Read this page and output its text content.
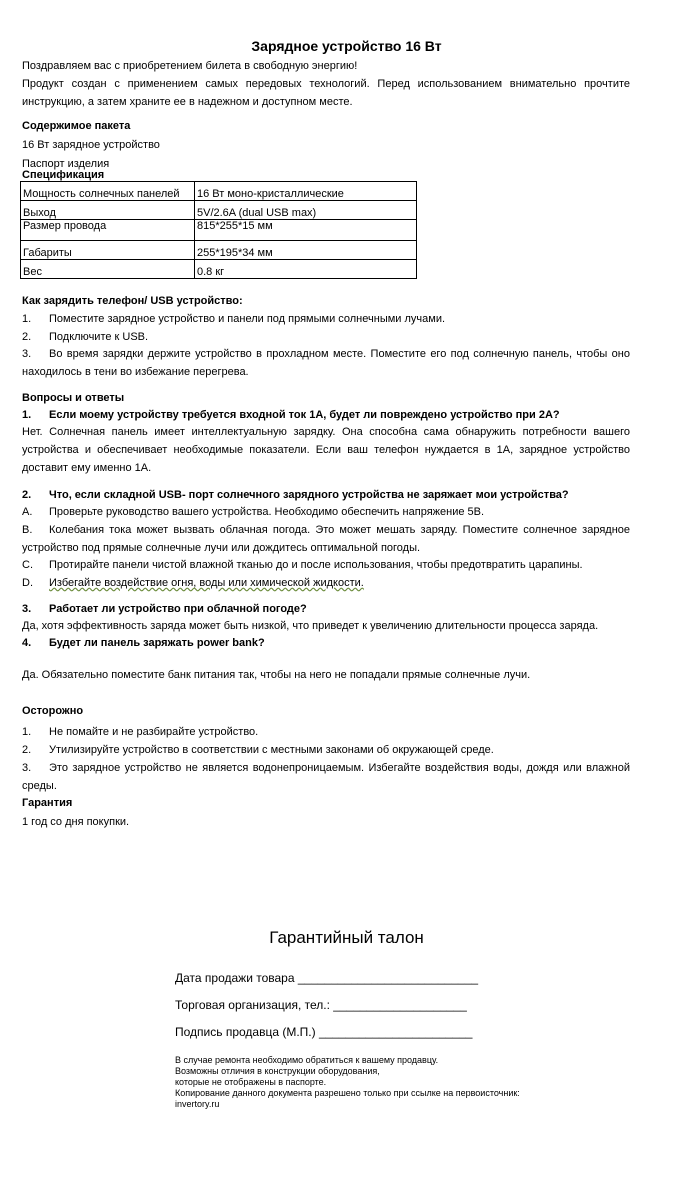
Зарядное устройство 16 Вт
Поздравляем вас с приобретением билета в свободную энергию!
Продукт создан с применением самых передовых технологий. Перед использованием внимательно прочтите инструкцию, а затем храните ее в надежном и доступном месте.
Содержимое пакета
16 Вт зарядное устройство
Паспорт изделия
Спецификация
Мощность солнечных панелей	16 Вт моно-кристаллические
Выход	5V/2.6A (dual USB max)
Размер провода	815*255*15 мм
Габариты	255*195*34 мм
Вес	0.8 кг
Как зарядить телефон/ USB устройство:
1. Поместите зарядное устройство и панели под прямыми солнечными лучами.
2. Подключите к USB.
3. Во время зарядки держите устройство в прохладном месте. Поместите его под солнечную панель, чтобы оно находилось в тени во избежание перегрева.
Вопросы и ответы
1. Если моему устройству требуется входной ток 1А, будет ли повреждено устройство при 2А?
Нет. Солнечная панель имеет интеллектуальную зарядку. Она способна сама обнаружить потребности вашего устройства и обеспечивает необходимые показатели. Если ваш телефон нуждается в 1А, зарядное устройство доставит ему именно 1А.
2. Что, если складной USB- порт солнечного зарядного устройства не заряжает мои устройства?
A. Проверьте руководство вашего устройства. Необходимо обеспечить напряжение 5В.
B. Колебания тока может вызвать облачная погода. Это может мешать заряду. Поместите солнечное зарядное устройство под прямые солнечные лучи или дождитесь оптимальной погоды.
C. Протирайте панели чистой влажной тканью до и после использования, чтобы предотвратить царапины.
D. Избегайте воздействие огня, воды или химической жидкости.
3. Работает ли устройство при облачной погоде?
Да, хотя эффективность заряда может быть низкой, что приведет к увеличению длительности процесса заряда.
4. Будет ли панель заряжать power bank?
Да. Обязательно поместите банк питания так, чтобы на него не попадали прямые солнечные лучи.
Осторожно
1. Не помайте и не разбирайте устройство.
2. Утилизируйте устройство в соответствии с местными законами об окружающей среде.
3. Это зарядное устройство не является водонепроницаемым. Избегайте воздействия воды, дождя или влажной среды.
Гарантия
1 год со дня покупки.
Гарантийный талон
Дата продажи товара ___________________________
Торговая организация, тел.: ____________________
Подпись продавца (М.П.) _______________________
В случае ремонта необходимо обратиться к вашему продавцу.
Возможны отличия в конструкции оборудования,
которые не отображены в паспорте.
Копирование данного документа разрешено только при ссылке на первоисточник:
invertory.ru
